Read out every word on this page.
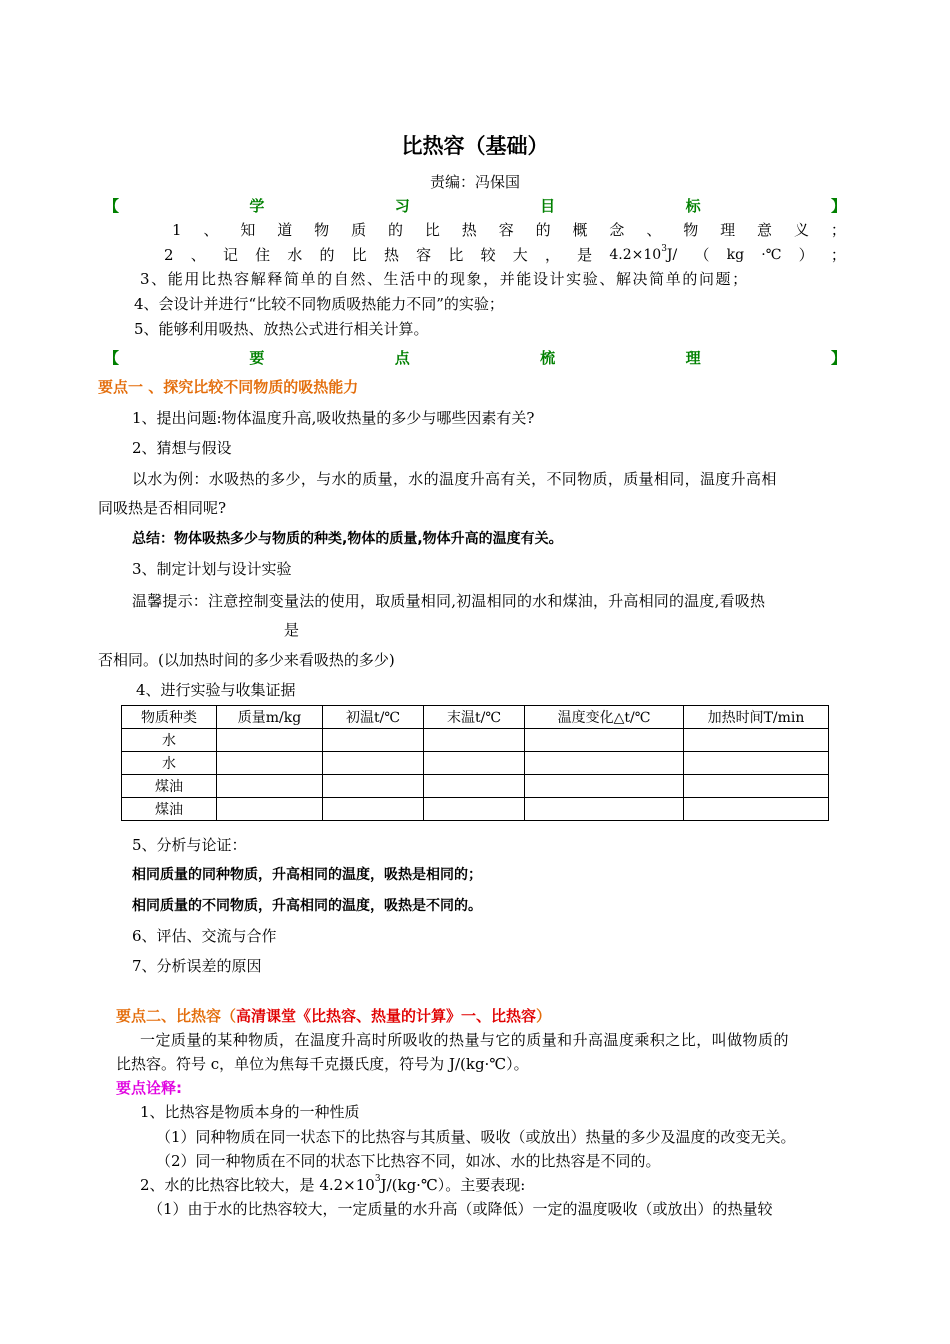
比热容（基础）
责编：冯保国
【	学	习	目	标	】
1 、 知 道 物 质 的 比 热 容 的 概 念 、 物 理 意 义 ；
2 、 记 住 水 的 比 热 容 比 较 大 ， 是 $4.2\times 10^3J/$ （ kg ·℃ ） ；
3、能用比热容解释简单的自然、生活中的现象，并能设计实验、解决简单的问题；
4、会设计并进行“比较不同物质吸热能力不同”的实验；
5、能够利用吸热、放热公式进行相关计算。
【	要	点	梳	理	】
要点一 、探究比较不同物质的吸热能力
1、提出问题:物体温度升高,吸收热量的多少与哪些因素有关?
2、猜想与假设
以水为例：水吸热的多少，与水的质量，水的温度升高有关，不同物质，质量相同，温度升高相
同吸热是否相同呢?
总结：物体吸热多少与物质的种类,物体的质量,物体升高的温度有关。
3、制定计划与设计实验
温馨提示：注意控制变量法的使用，取质量相同,初温相同的水和煤油，升高相同的温度,看吸热
是
否相同。(以加热时间的多少来看吸热的多少)
4、进行实验与收集证据
物质种类	质量m/kg	初温t/℃	末温t/℃	温度变化△t/℃	加热时间T/min
水					
水					
煤油					
煤油					
5、分析与论证：
相同质量的同种物质，升高相同的温度，吸热是相同的；
相同质量的不同物质，升高相同的温度，吸热是不同的。
6、评估、交流与合作
7、分析误差的原因
要点二、比热容（高清课堂《比热容、热量的计算》一、比热容）
一定质量的某种物质，在温度升高时所吸收的热量与它的质量和升高温度乘积之比，叫做物质的
比热容。符号 c，单位为焦每千克摄氏度，符号为 J/(kg·℃）。
要点诠释:
1、比热容是物质本身的一种性质
（1）同种物质在同一状态下的比热容与其质量、吸收（或放出）热量的多少及温度的改变无关。
（2）同一种物质在不同的状态下比热容不同，如冰、水的比热容是不同的。
2、水的比热容比较大，是 $4.2\times 10^3J/(kg\cdot℃)$。主要表现:
（1）由于水的比热容较大，一定质量的水升高（或降低）一定的温度吸收（或放出）的热量较
